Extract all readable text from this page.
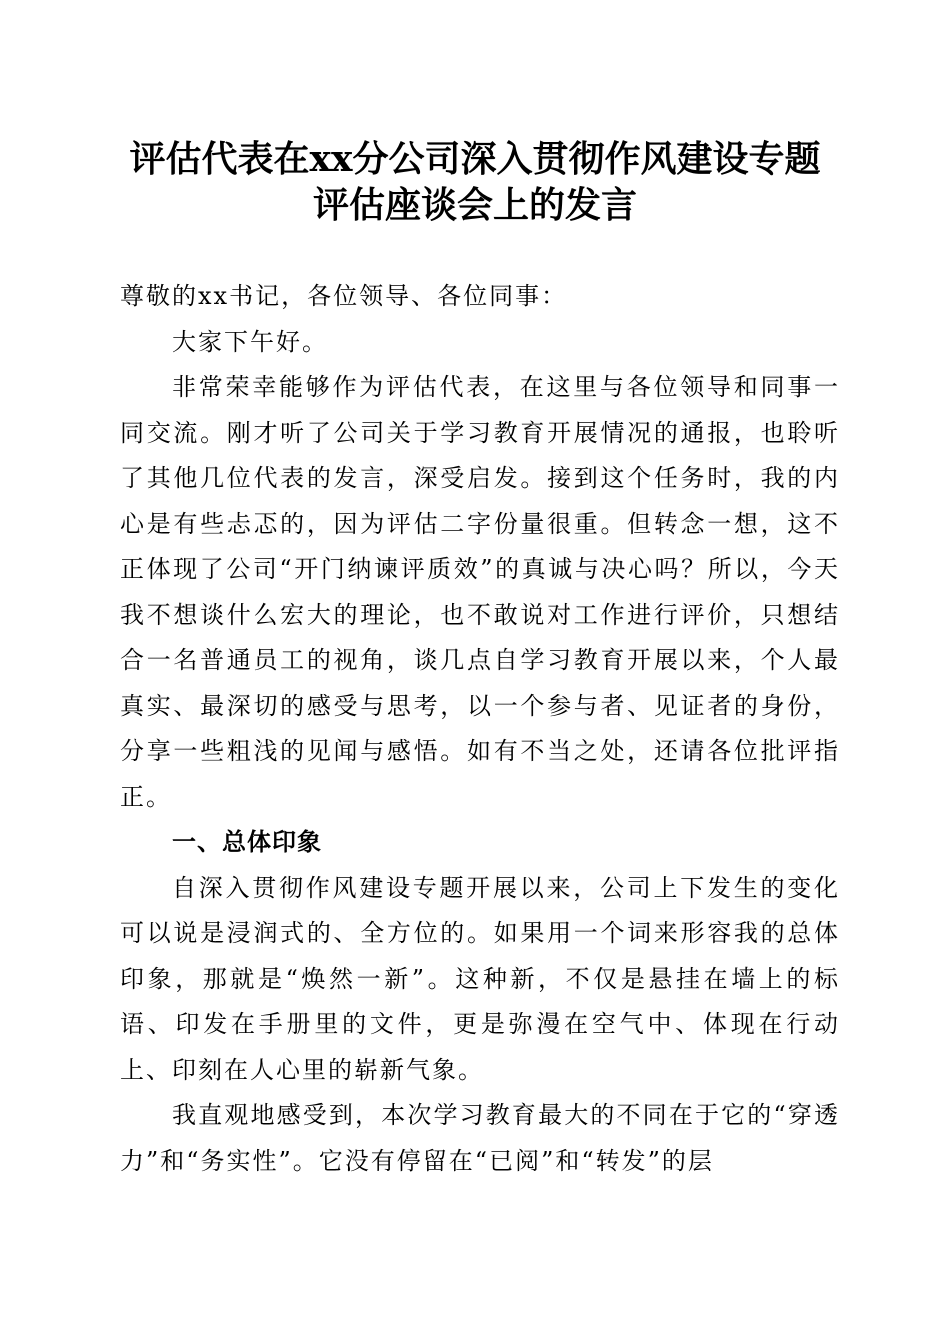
评估代表在xx分公司深入贯彻作风建设专题
评估座谈会上的发言

尊敬的xx书记，各位领导、各位同事：

大家下午好。

非常荣幸能够作为评估代表，在这里与各位领导和同事一同交流。刚才听了公司关于学习教育开展情况的通报，也聆听了其他几位代表的发言，深受启发。接到这个任务时，我的内心是有些忐忑的，因为评估二字份量很重。但转念一想，这不正体现了公司“开门纳谏评质效”的真诚与决心吗？所以，今天我不想谈什么宏大的理论，也不敢说对工作进行评价，只想结合一名普通员工的视角，谈几点自学习教育开展以来，个人最真实、最深切的感受与思考，以一个参与者、见证者的身份，分享一些粗浅的见闻与感悟。如有不当之处，还请各位批评指正。

一、总体印象

自深入贯彻作风建设专题开展以来，公司上下发生的变化可以说是浸润式的、全方位的。如果用一个词来形容我的总体印象，那就是“焕然一新”。这种新，不仅是悬挂在墙上的标语、印发在手册里的文件，更是弥漫在空气中、体现在行动上、印刻在人心里的崭新气象。

我直观地感受到，本次学习教育最大的不同在于它的“穿透力”和“务实性”。它没有停留在“已阅”和“转发”的层
